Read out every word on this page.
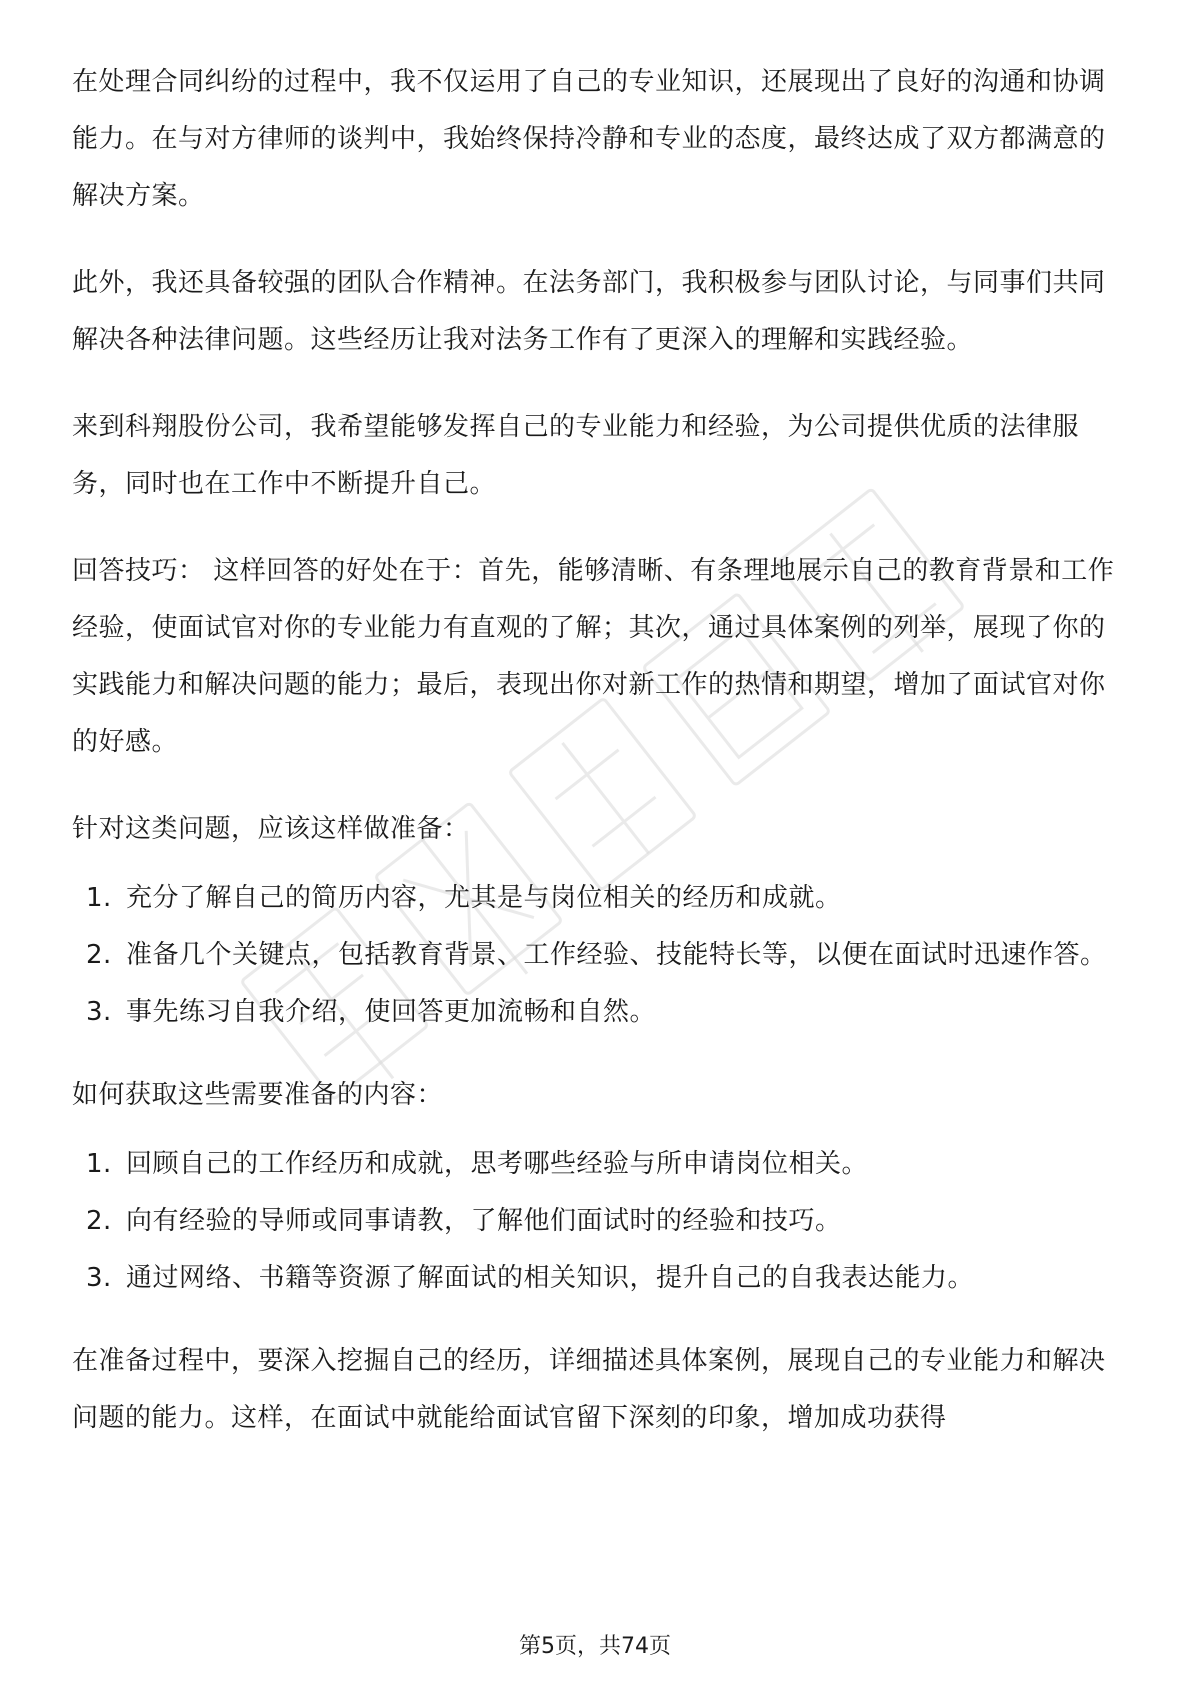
在处理合同纠纷的过程中，我不仅运用了自己的专业知识，还展现出了良好的沟通和协调能力。在与对方律师的谈判中，我始终保持冷静和专业的态度，最终达成了双方都满意的解决方案。

此外，我还具备较强的团队合作精神。在法务部门，我积极参与团队讨论，与同事们共同解决各种法律问题。这些经历让我对法务工作有了更深入的理解和实践经验。

来到科翔股份公司，我希望能够发挥自己的专业能力和经验，为公司提供优质的法律服务，同时也在工作中不断提升自己。

回答技巧： 这样回答的好处在于：首先，能够清晰、有条理地展示自己的教育背景和工作经验，使面试官对你的专业能力有直观的了解；其次，通过具体案例的列举，展现了你的实践能力和解决问题的能力；最后，表现出你对新工作的热情和期望，增加了面试官对你的好感。

针对这类问题，应该这样做准备：

1. 充分了解自己的简历内容，尤其是与岗位相关的经历和成就。
2. 准备几个关键点，包括教育背景、工作经验、技能特长等，以便在面试时迅速作答。
3. 事先练习自我介绍，使回答更加流畅和自然。

如何获取这些需要准备的内容：

1. 回顾自己的工作经历和成就，思考哪些经验与所申请岗位相关。
2. 向有经验的导师或同事请教，了解他们面试时的经验和技巧。
3. 通过网络、书籍等资源了解面试的相关知识，提升自己的自我表达能力。

在准备过程中，要深入挖掘自己的经历，详细描述具体案例，展现自己的专业能力和解决问题的能力。这样，在面试中就能给面试官留下深刻的印象，增加成功获得

第5页，共74页
